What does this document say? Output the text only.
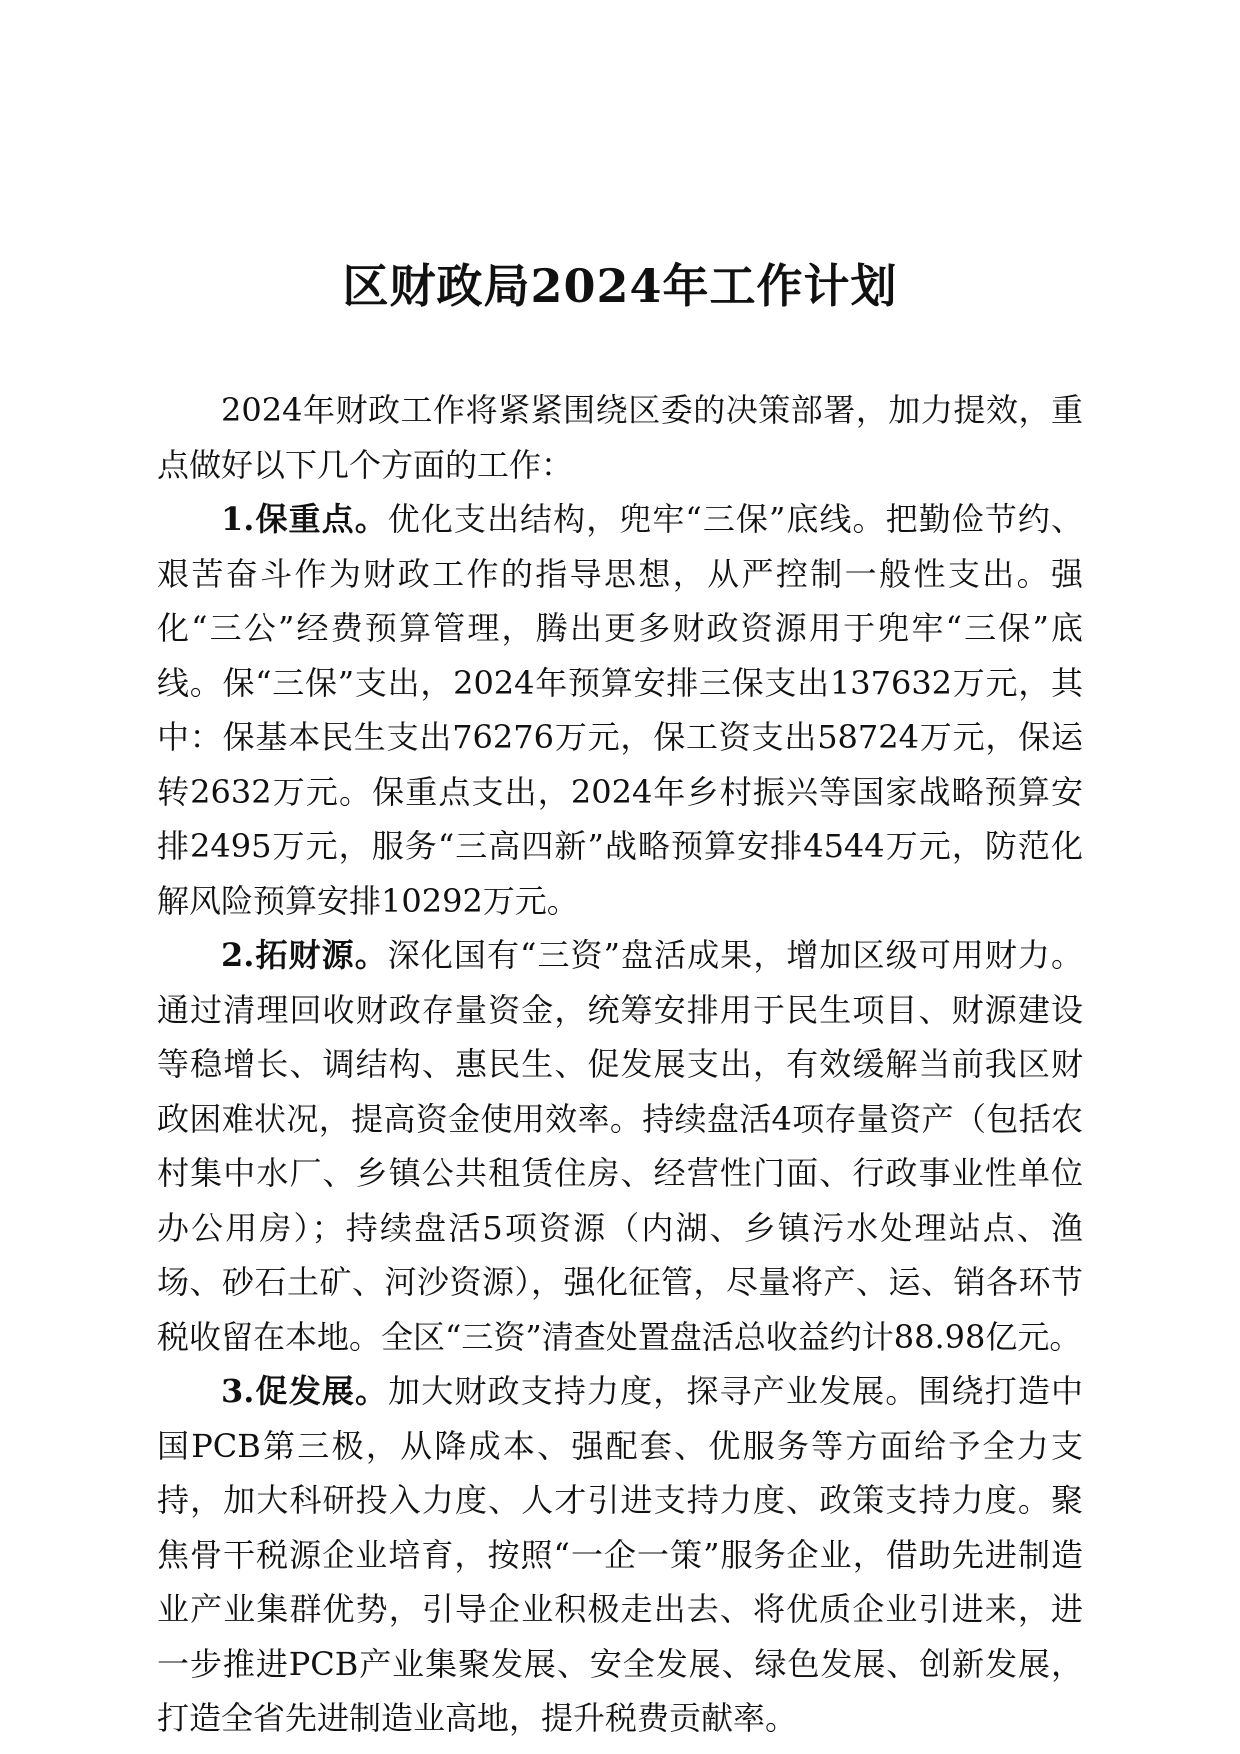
区财政局2024年工作计划

2024年财政工作将紧紧围绕区委的决策部署，加力提效，重点做好以下几个方面的工作：

1.保重点。优化支出结构，兜牢“三保”底线。把勤俭节约、艰苦奋斗作为财政工作的指导思想，从严控制一般性支出。强化“三公”经费预算管理，腾出更多财政资源用于兜牢“三保”底线。保“三保”支出，2024年预算安排三保支出137632万元，其中：保基本民生支出76276万元，保工资支出58724万元，保运转2632万元。保重点支出，2024年乡村振兴等国家战略预算安排2495万元，服务“三高四新”战略预算安排4544万元，防范化解风险预算安排10292万元。

2.拓财源。深化国有“三资”盘活成果，增加区级可用财力。通过清理回收财政存量资金，统筹安排用于民生项目、财源建设等稳增长、调结构、惠民生、促发展支出，有效缓解当前我区财政困难状况，提高资金使用效率。持续盘活4项存量资产（包括农村集中水厂、乡镇公共租赁住房、经营性门面、行政事业性单位办公用房）；持续盘活5项资源（内湖、乡镇污水处理站点、渔场、砂石土矿、河沙资源），强化征管，尽量将产、运、销各环节税收留在本地。全区“三资”清查处置盘活总收益约计88.98亿元。

3.促发展。加大财政支持力度，探寻产业发展。围绕打造中国PCB第三极，从降成本、强配套、优服务等方面给予全力支持，加大科研投入力度、人才引进支持力度、政策支持力度。聚焦骨干税源企业培育，按照“一企一策”服务企业，借助先进制造业产业集群优势，引导企业积极走出去、将优质企业引进来，进一步推进PCB产业集聚发展、安全发展、绿色发展、创新发展，打造全省先进制造业高地，提升税费贡献率。
